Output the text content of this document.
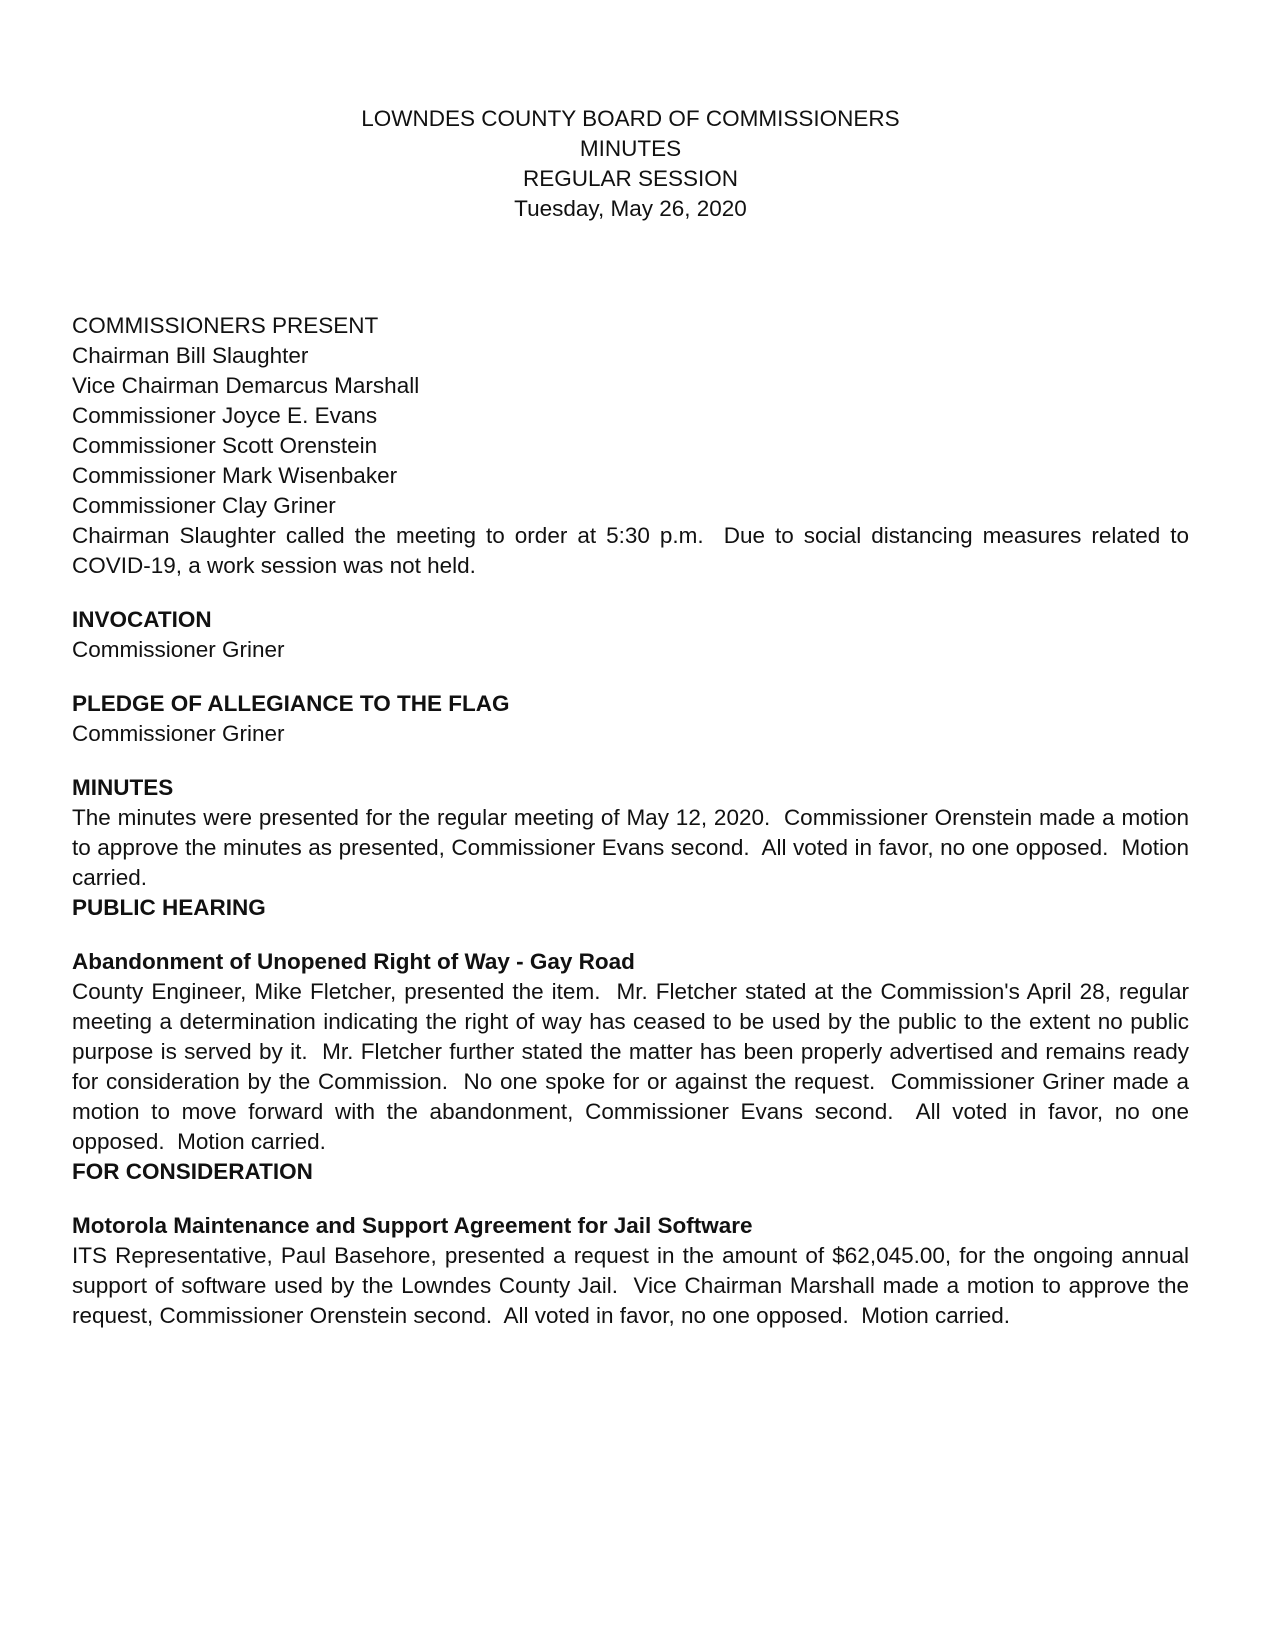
LOWNDES COUNTY BOARD OF COMMISSIONERS
MINUTES
REGULAR SESSION
Tuesday, May 26, 2020
COMMISSIONERS PRESENT
Chairman Bill Slaughter
Vice Chairman Demarcus Marshall
Commissioner Joyce E. Evans
Commissioner Scott Orenstein
Commissioner Mark Wisenbaker
Commissioner Clay Griner

Chairman Slaughter called the meeting to order at 5:30 p.m.  Due to social distancing measures related to COVID-19, a work session was not held.

INVOCATION
Commissioner Griner
PLEDGE OF ALLEGIANCE TO THE FLAG
Commissioner Griner
MINUTES

The minutes were presented for the regular meeting of May 12, 2020.  Commissioner Orenstein made a motion to approve the minutes as presented, Commissioner Evans second.  All voted in favor, no one opposed.  Motion carried.

PUBLIC HEARING
Abandonment of Unopened Right of Way - Gay Road

County Engineer, Mike Fletcher, presented the item.  Mr. Fletcher stated at the Commission's April 28, regular meeting a determination indicating the right of way has ceased to be used by the public to the extent no public purpose is served by it.  Mr. Fletcher further stated the matter has been properly advertised and remains ready for consideration by the Commission.  No one spoke for or against the request.  Commissioner Griner made a motion to move forward with the abandonment, Commissioner Evans second.  All voted in favor, no one opposed.  Motion carried.

FOR CONSIDERATION
Motorola Maintenance and Support Agreement for Jail Software

ITS Representative, Paul Basehore, presented a request in the amount of $62,045.00, for the ongoing annual support of software used by the Lowndes County Jail.  Vice Chairman Marshall made a motion to approve the request, Commissioner Orenstein second.  All voted in favor, no one opposed.  Motion carried.
